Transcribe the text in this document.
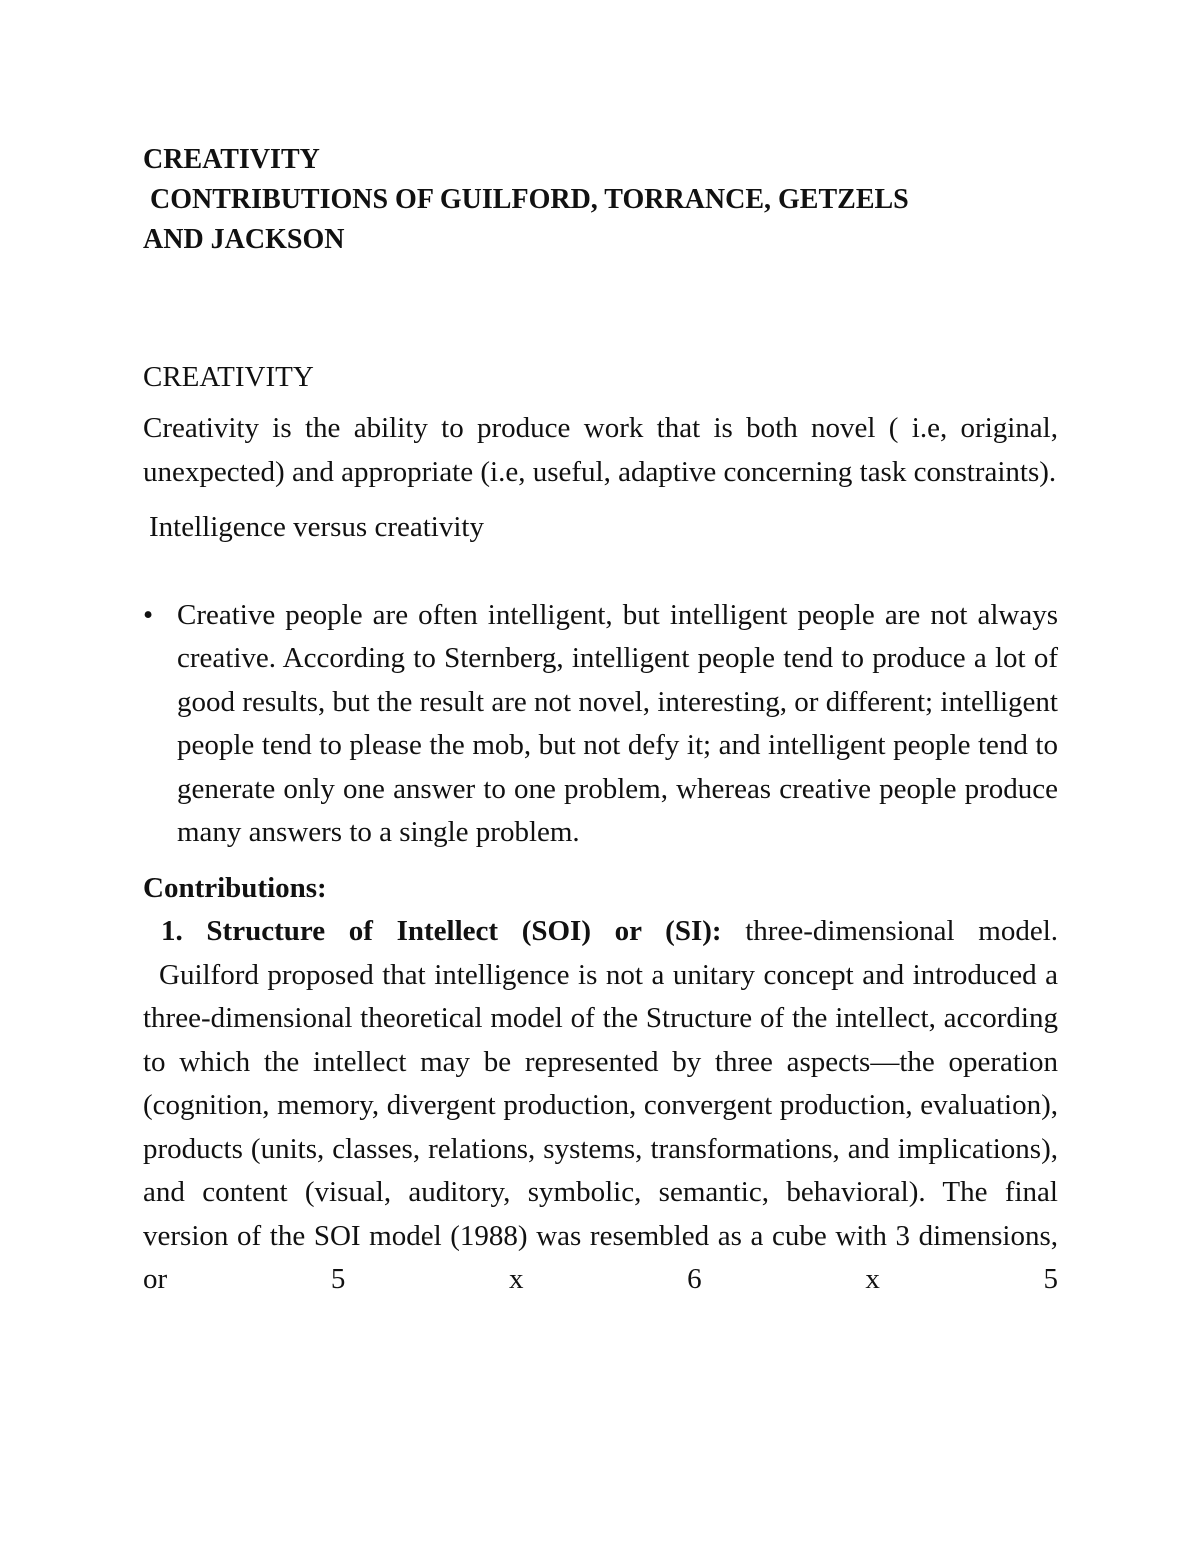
CREATIVITY
CONTRIBUTIONS OF GUILFORD, TORRANCE, GETZELS
AND JACKSON
CREATIVITY

Creativity is the ability to produce work that is both novel ( i.e, original, unexpected) and appropriate (i.e, useful, adaptive concerning task constraints).

Intelligence versus creativity
• Creative people are often intelligent, but intelligent people are not always creative. According to Sternberg, intelligent people tend to produce a lot of good results, but the result are not novel, interesting, or different; intelligent people tend to please the mob, but not defy it; and intelligent people tend to generate only one answer to one problem, whereas creative people produce many answers to a single problem.
Contributions:
1. Structure of Intellect (SOI) or (SI): three-dimensional model.

Guilford proposed that intelligence is not a unitary concept and introduced a three-dimensional theoretical model of the Structure of the intellect, according to which the intellect may be represented by three aspects—the operation (cognition, memory, divergent production, convergent production, evaluation), products (units, classes, relations, systems, transformations, and implications), and content (visual, auditory, symbolic, semantic, behavioral). The final version of the SOI model (1988) was resembled as a cube with 3 dimensions, or 5 x 6 x 5
